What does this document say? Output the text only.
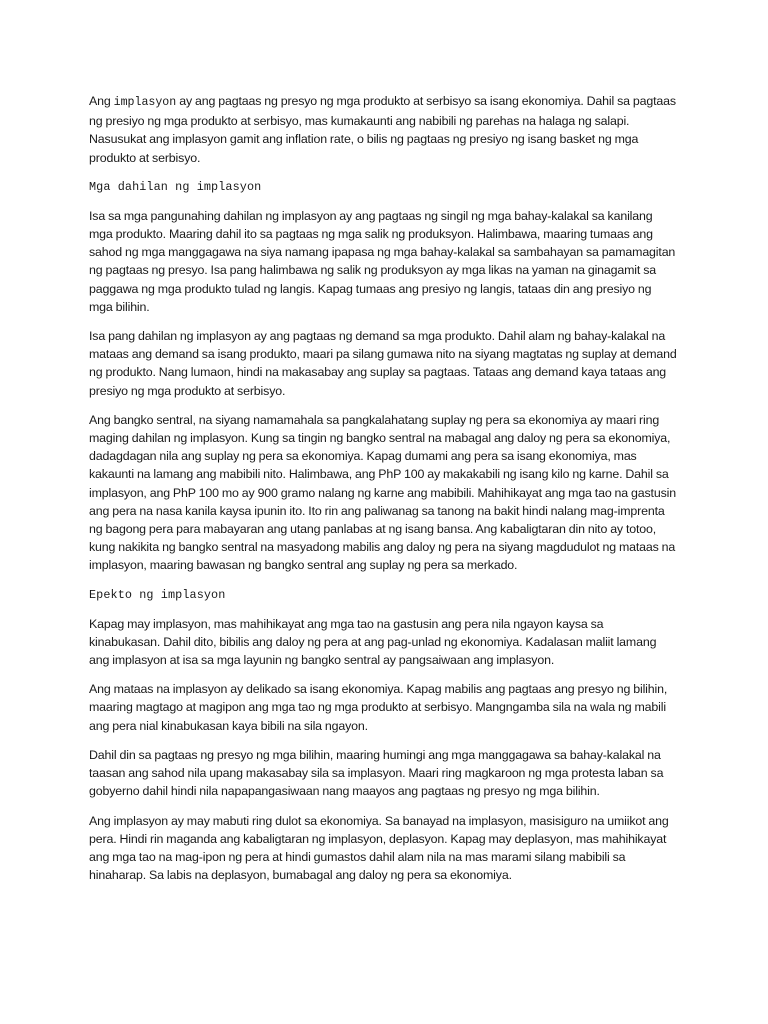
Ang implasyon ay ang pagtaas ng presyo ng mga produkto at serbisyo sa isang ekonomiya. Dahil sa pagtaas ng presiyo ng mga produkto at serbisyo, mas kumakaunti ang nabibili ng parehas na halaga ng salapi. Nasusukat ang implasyon gamit ang inflation rate, o bilis ng pagtaas ng presiyo ng isang basket ng mga produkto at serbisyo.

Mga dahilan ng implasyon

Isa sa mga pangunahing dahilan ng implasyon ay ang pagtaas ng singil ng mga bahay-kalakal sa kanilang mga produkto. Maaring dahil ito sa pagtaas ng mga salik ng produksyon. Halimbawa, maaring tumaas ang sahod ng mga manggagawa na siya namang ipapasa ng mga bahay-kalakal sa sambahayan sa pamamagitan ng pagtaas ng presyo. Isa pang halimbawa ng salik ng produksyon ay mga likas na yaman na ginagamit sa paggawa ng mga produkto tulad ng langis. Kapag tumaas ang presiyo ng langis, tataas din ang presiyo ng mga bilihin.

Isa pang dahilan ng implasyon ay ang pagtaas ng demand sa mga produkto. Dahil alam ng bahay-kalakal na mataas ang demand sa isang produkto, maari pa silang gumawa nito na siyang magtatas ng suplay at demand ng produkto. Nang lumaon, hindi na makasabay ang suplay sa pagtaas. Tataas ang demand kaya tataas ang presiyo ng mga produkto at serbisyo.

Ang bangko sentral, na siyang namamahala sa pangkalahatang suplay ng pera sa ekonomiya ay maari ring maging dahilan ng implasyon. Kung sa tingin ng bangko sentral na mabagal ang daloy ng pera sa ekonomiya, dadagdagan nila ang suplay ng pera sa ekonomiya. Kapag dumami ang pera sa isang ekonomiya, mas kakaunti na lamang ang mabibili nito. Halimbawa, ang PhP 100 ay makakabili ng isang kilo ng karne. Dahil sa implasyon, ang PhP 100 mo ay 900 gramo nalang ng karne ang mabibili. Mahihikayat ang mga tao na gastusin ang pera na nasa kanila kaysa ipunin ito. Ito rin ang paliwanag sa tanong na bakit hindi nalang mag-imprenta ng bagong pera para mabayaran ang utang panlabas at ng isang bansa. Ang kabaligtaran din nito ay totoo, kung nakikita ng bangko sentral na masyadong mabilis ang daloy ng pera na siyang magdudulot ng mataas na implasyon, maaring bawasan ng bangko sentral ang suplay ng pera sa merkado.

Epekto ng implasyon

Kapag may implasyon, mas mahihikayat ang mga tao na gastusin ang pera nila ngayon kaysa sa kinabukasan. Dahil dito, bibilis ang daloy ng pera at ang pag-unlad ng ekonomiya. Kadalasan maliit lamang ang implasyon at isa sa mga layunin ng bangko sentral ay pangsaiwaan ang implasyon.

Ang mataas na implasyon ay delikado sa isang ekonomiya. Kapag mabilis ang pagtaas ang presyo ng bilihin, maaring magtago at magipon ang mga tao ng mga produkto at serbisyo. Mangngamba sila na wala ng mabili ang pera nial kinabukasan kaya bibili na sila ngayon.

Dahil din sa pagtaas ng presyo ng mga bilihin, maaring humingi ang mga manggagawa sa bahay-kalakal na taasan ang sahod nila upang makasabay sila sa implasyon. Maari ring magkaroon ng mga protesta laban sa gobyerno dahil hindi nila napapangasiwaan nang maayos ang pagtaas ng presyo ng mga bilihin.

Ang implasyon ay may mabuti ring dulot sa ekonomiya. Sa banayad na implasyon, masisiguro na umiikot ang pera. Hindi rin maganda ang kabaligtaran ng implasyon, deplasyon. Kapag may deplasyon, mas mahihikayat ang mga tao na mag-ipon ng pera at hindi gumastos dahil alam nila na mas marami silang mabibili sa hinaharap. Sa labis na deplasyon, bumabagal ang daloy ng pera sa ekonomiya.
